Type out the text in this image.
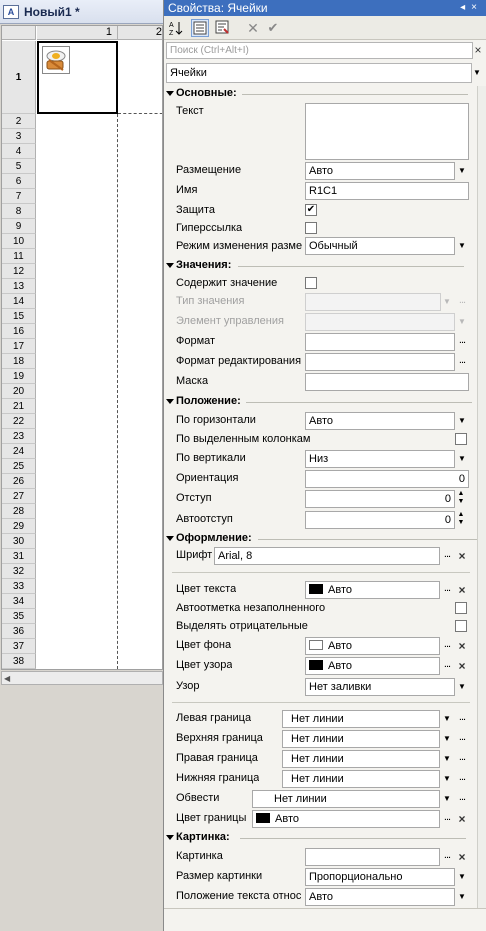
A Новый1 *
1	2
1
2
3
4
5
6
7
8
9
10
11
12
13
14
15
16
17
18
19
20
21
22
23
24
25
26
27
28
29
30
31
32
33
34
35
36
37
38
◀
Свойства: Ячейки	◂×
A
Z	✕ ✔
Поиск (Ctrl+Alt+I)	×
Ячейки	▼
Основные:
Текст
Размещение	Авто	▼
Имя	R1C1
Защита	✔
Гиперссылка
Режим изменения разме Обычный	▼
Значения:
Содержит значение
Тип значения	▼ ...
Элемент управления	▼
Формат	...
Формат редактирования	...
Маска
Положение:
По горизонтали	Авто	▼
По выделенным колонкам
По вертикали	Низ	▼
Ориентация	0
Отступ	0 ▲
▼
Автоотступ	0 ▲
▼
Оформление:
Шрифт Arial, 8	... ×
Цвет текста	Авто	... ×
Автоотметка незаполненного
Выделять отрицательные
Цвет фона	Авто	... ×
Цвет узора	Авто	... ×
Узор	Нет заливки	▼
Левая граница	Нет линии	▼ ...
Верхняя граница	Нет линии	▼ ...
Правая граница	Нет линии	▼ ...
Нижняя граница	Нет линии	▼ ...
Обвести	Нет линии	▼ ...
Цвет границы	Авто	... ×
Картинка:
Картинка	... ×
Размер картинки	Пропорционально	▼
Положение текста относ Авто	▼
